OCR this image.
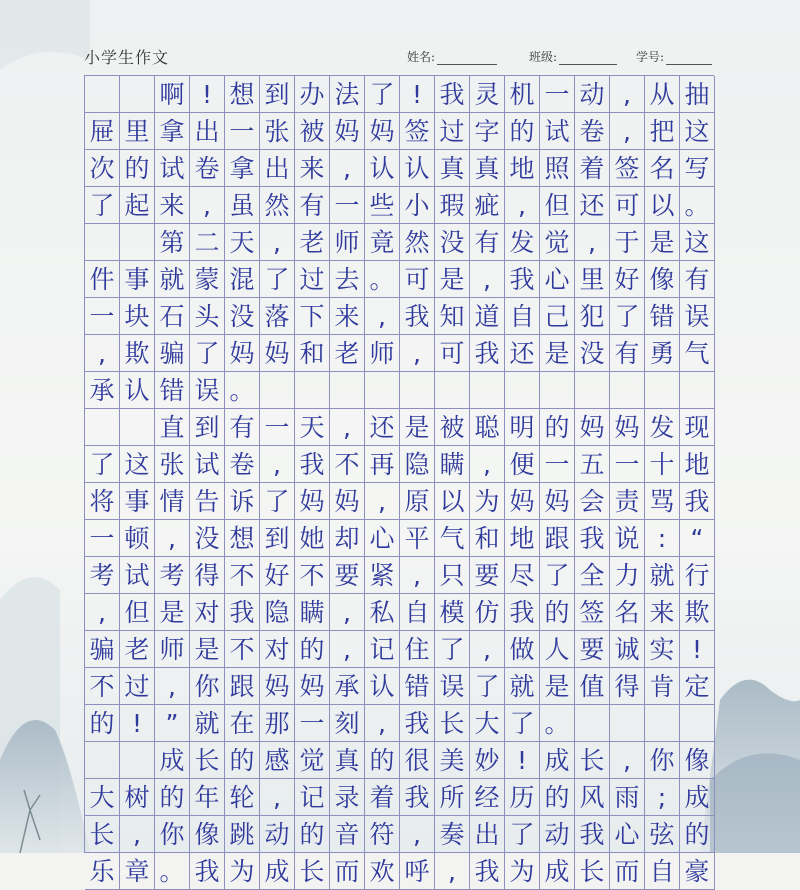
小学生作文	姓名:	班级:	学号:
啊 ! 想 到 办 法 了 ! 我 灵 机 一 动 , 从 抽
屉 里 拿 出 一 张 被 妈 妈 签 过 字 的 试 卷 , 把 这
次 的 试 卷 拿 出 来 , 认 认 真 真 地 照 着 签 名 写
了 起 来 , 虽 然 有 一 些 小 瑕 疵 , 但 还 可 以 。
第 二 天 , 老 师 竟 然 没 有 发 觉 , 于 是 这
件 事 就 蒙 混 了 过 去 。 可 是 , 我 心 里 好 像 有
一 块 石 头 没 落 下 来 , 我 知 道 自 己 犯 了 错 误
, 欺 骗 了 妈 妈 和 老 师 , 可 我 还 是 没 有 勇 气
承 认 错 误 。
直 到 有 一 天 , 还 是 被 聪 明 的 妈 妈 发 现
了 这 张 试 卷 , 我 不 再 隐 瞒 , 便 一 五 一 十 地
将 事 情 告 诉 了 妈 妈 , 原 以 为 妈 妈 会 责 骂 我
一 顿 , 没 想 到 她 却 心 平 气 和 地 跟 我 说 : “
考 试 考 得 不 好 不 要 紧 , 只 要 尽 了 全 力 就 行
, 但 是 对 我 隐 瞒 , 私 自 模 仿 我 的 签 名 来 欺
骗 老 师 是 不 对 的 , 记 住 了 , 做 人 要 诚 实 !
不 过 , 你 跟 妈 妈 承 认 错 误 了 就 是 值 得 肯 定
的 ! ” 就 在 那 一 刻 , 我 长 大 了 。
成 长 的 感 觉 真 的 很 美 妙 ! 成 长 , 你 像
大 树 的 年 轮 , 记 录 着 我 所 经 历 的 风 雨 ; 成
长 , 你 像 跳 动 的 音 符 , 奏 出 了 动 我 心 弦 的
乐 章 。 我 为 成 长 而 欢 呼 , 我 为 成 长 而 自 豪
